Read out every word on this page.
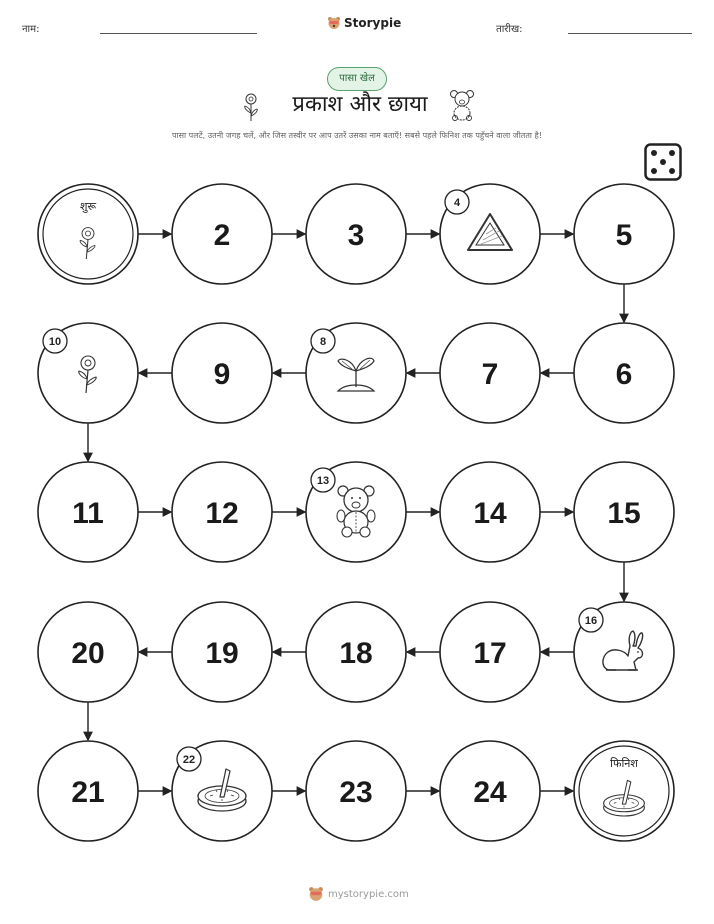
नाम:	Storypie	तारीख:
पासा खेल
प्रकाश और छाया
पासा पलटें, उतनी जगह चलें, और जिस तस्वीर पर आप उतरें उसका नाम बताएँ! सबसे पहले फिनिश तक पहुँचने वाला जीतता है!
शुरू
2	3
4
5
6
7
8
9
10
11	12
13
14	15
16
17
18
19
20
21
22
23	24
फिनिश
mystorypie.com
